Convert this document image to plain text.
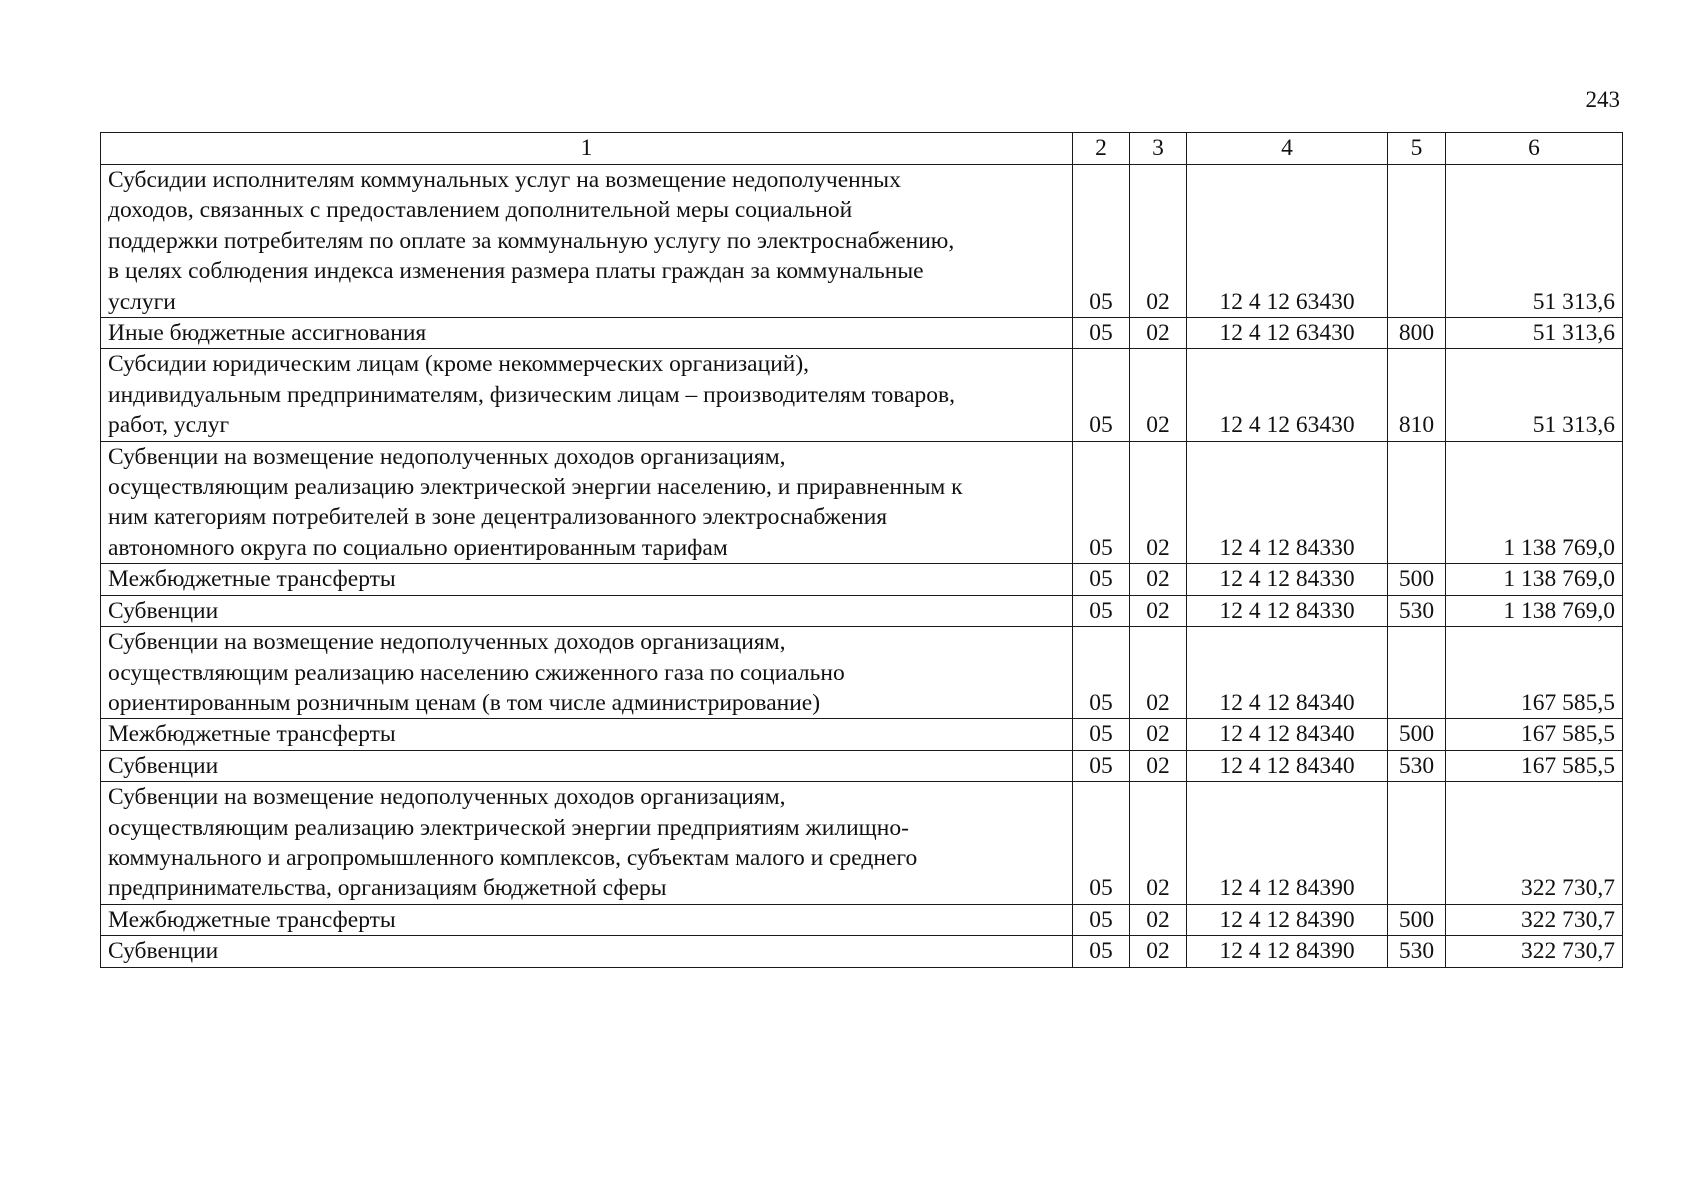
243
1	2	3	4	5	6

Субсидии исполнителям коммунальных услуг на возмещение недополученных
доходов, связанных с предоставлением дополнительной меры социальной
поддержки потребителям по оплате за коммунальную услугу по электроснабжению,
в целях соблюдения индекса изменения размера платы граждан за коммунальные
услуги	05	02	12 4 12 63430		51 313,6

Иные бюджетные ассигнования	05	02	12 4 12 63430	800	51 313,6

Субсидии юридическим лицам (кроме некоммерческих организаций),
индивидуальным предпринимателям, физическим лицам – производителям товаров,
работ, услуг	05	02	12 4 12 63430	810	51 313,6

Субвенции на возмещение недополученных доходов организациям,
осуществляющим реализацию электрической энергии населению, и приравненным к
ним категориям потребителей в зоне децентрализованного электроснабжения
автономного округа по социально ориентированным тарифам	05	02	12 4 12 84330		1 138 769,0

Межбюджетные трансферты	05	02	12 4 12 84330	500	1 138 769,0

Субвенции	05	02	12 4 12 84330	530	1 138 769,0

Субвенции на возмещение недополученных доходов организациям,
осуществляющим реализацию населению сжиженного газа по социально
ориентированным розничным ценам (в том числе администрирование)	05	02	12 4 12 84340		167 585,5

Межбюджетные трансферты	05	02	12 4 12 84340	500	167 585,5

Субвенции	05	02	12 4 12 84340	530	167 585,5

Субвенции на возмещение недополученных доходов организациям,
осуществляющим реализацию электрической энергии предприятиям жилищно-
коммунального и агропромышленного комплексов, субъектам малого и среднего
предпринимательства, организациям бюджетной сферы	05	02	12 4 12 84390		322 730,7

Межбюджетные трансферты	05	02	12 4 12 84390	500	322 730,7

Субвенции	05	02	12 4 12 84390	530	322 730,7
